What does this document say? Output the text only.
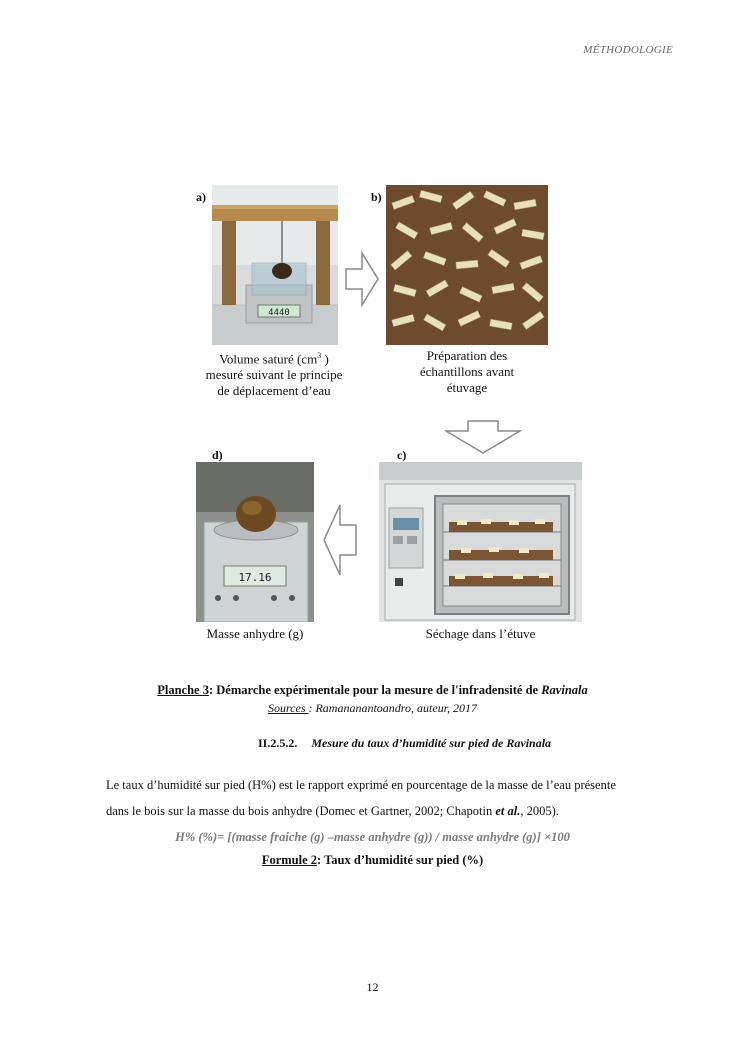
MÉTHODOLOGIE
a)
4440
Volume saturé ($cm^3$ )
mesuré suivant le principe
de déplacement d’eau
b)
Préparation des
échantillons avant
étuvage
d)
17.16
Masse anhydre (g)
c)
Séchage dans l’étuve
Planche 3: Démarche expérimentale pour la mesure de l'infradensité de Ravinala
Sources : Ramananantoandro, auteur, 2017
II.2.5.2. Mesure du taux d’humidité sur pied de Ravinala

Le taux d’humidité sur pied (H%) est le rapport exprimé en pourcentage de la masse de l’eau présente

dans le bois sur la masse du bois anhydre (Domec et Gartner, 2002; Chapotin et al., 2005).

H% (%)= [(masse fraiche (g) –masse anhydre (g)) / masse anhydre (g)] ×100
Formule 2: Taux d’humidité sur pied (%)
12
